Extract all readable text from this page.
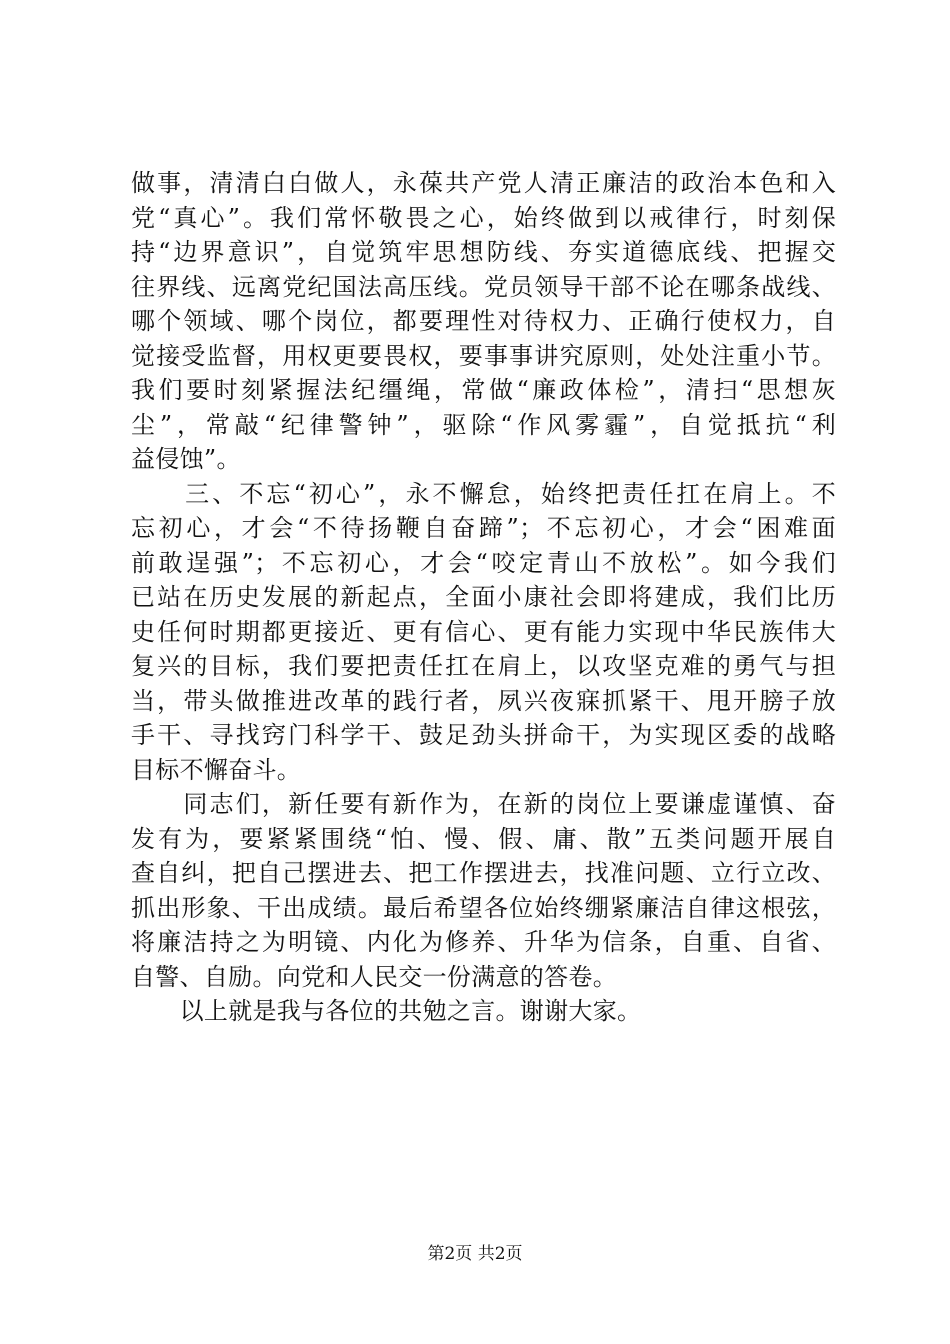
做事，清清白白做人，永葆共产党人清正廉洁的政治本色和入
党“真心”。我们常怀敬畏之心，始终做到以戒律行，时刻保
持“边界意识”，自觉筑牢思想防线、夯实道德底线、把握交
往界线、远离党纪国法高压线。党员领导干部不论在哪条战线、
哪个领域、哪个岗位，都要理性对待权力、正确行使权力，自
觉接受监督，用权更要畏权，要事事讲究原则，处处注重小节。
我们要时刻紧握法纪缰绳，常做“廉政体检”，清扫“思想灰
尘”，常敲“纪律警钟”，驱除“作风雾霾”，自觉抵抗“利
益侵蚀”。
　　三、不忘“初心”，永不懈怠，始终把责任扛在肩上。不
忘初心，才会“不待扬鞭自奋蹄”；不忘初心，才会“困难面
前敢逞强”；不忘初心，才会“咬定青山不放松”。如今我们
已站在历史发展的新起点，全面小康社会即将建成，我们比历
史任何时期都更接近、更有信心、更有能力实现中华民族伟大
复兴的目标，我们要把责任扛在肩上，以攻坚克难的勇气与担
当，带头做推进改革的践行者，夙兴夜寐抓紧干、甩开膀子放
手干、寻找窍门科学干、鼓足劲头拼命干，为实现区委的战略
目标不懈奋斗。
　　同志们，新任要有新作为，在新的岗位上要谦虚谨慎、奋
发有为，要紧紧围绕“怕、慢、假、庸、散”五类问题开展自
查自纠，把自己摆进去、把工作摆进去，找准问题、立行立改、
抓出形象、干出成绩。最后希望各位始终绷紧廉洁自律这根弦，
将廉洁持之为明镜、内化为修养、升华为信条，自重、自省、
自警、自励。向党和人民交一份满意的答卷。
　　以上就是我与各位的共勉之言。谢谢大家。
第2页 共2页
